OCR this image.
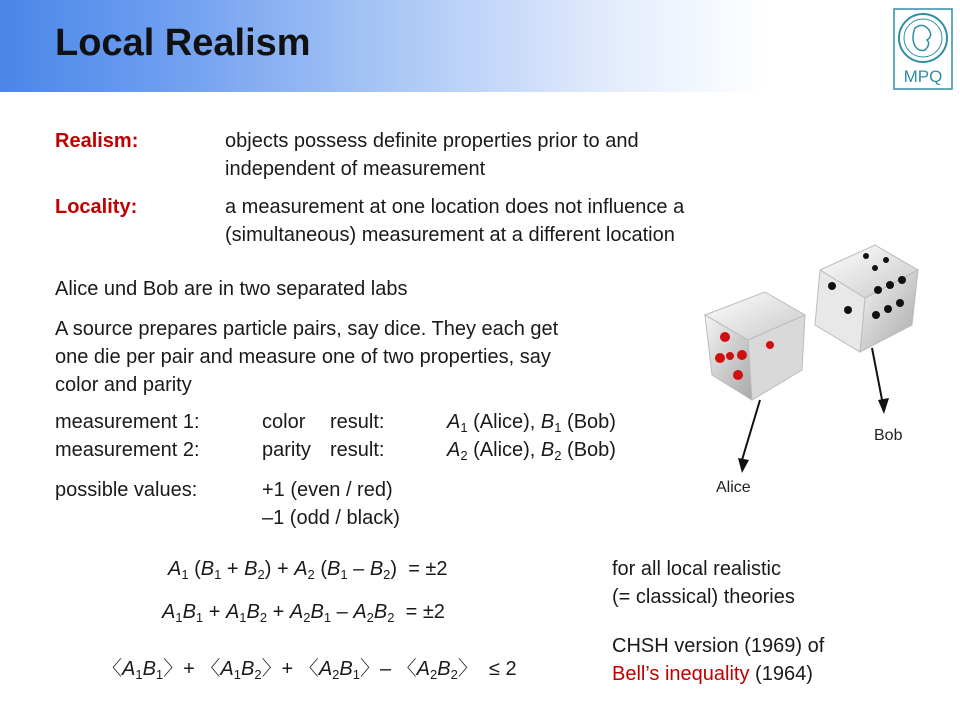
Local Realism
MPQ
Realism:	objects possess definite properties prior to and
independent of measurement
Locality:	a measurement at one location does not influence a
(simultaneous) measurement at a different location
Alice und Bob are in two separated labs
A source prepares particle pairs, say dice. They each get
one die per pair and measure one of two properties, say
color and parity
measurement 1:	color result:	$A_1$ (Alice), $B_1$ (Bob)
measurement 2:	parity result:	$A_2$ (Alice), $B_2$ (Bob)
possible values:	+1 (even / red)
–1 (odd / black)
Bob
Alice
$A_1$ $(B_1 + B_2) + A_2$ $(B_1 - B_2) = \pm 2$
$A_1B_1 + A_1B_2 + A_2B_1 - A_2B_2 = \pm 2$
〈$A_1B_1$〉+ 〈$A_1B_2$〉+ 〈$A_2B_1$〉– 〈$A_2B_2$〉  ≤ 2
for all local realistic
(= classical) theories
CHSH version (1969) of
Bell’s inequality (1964)
